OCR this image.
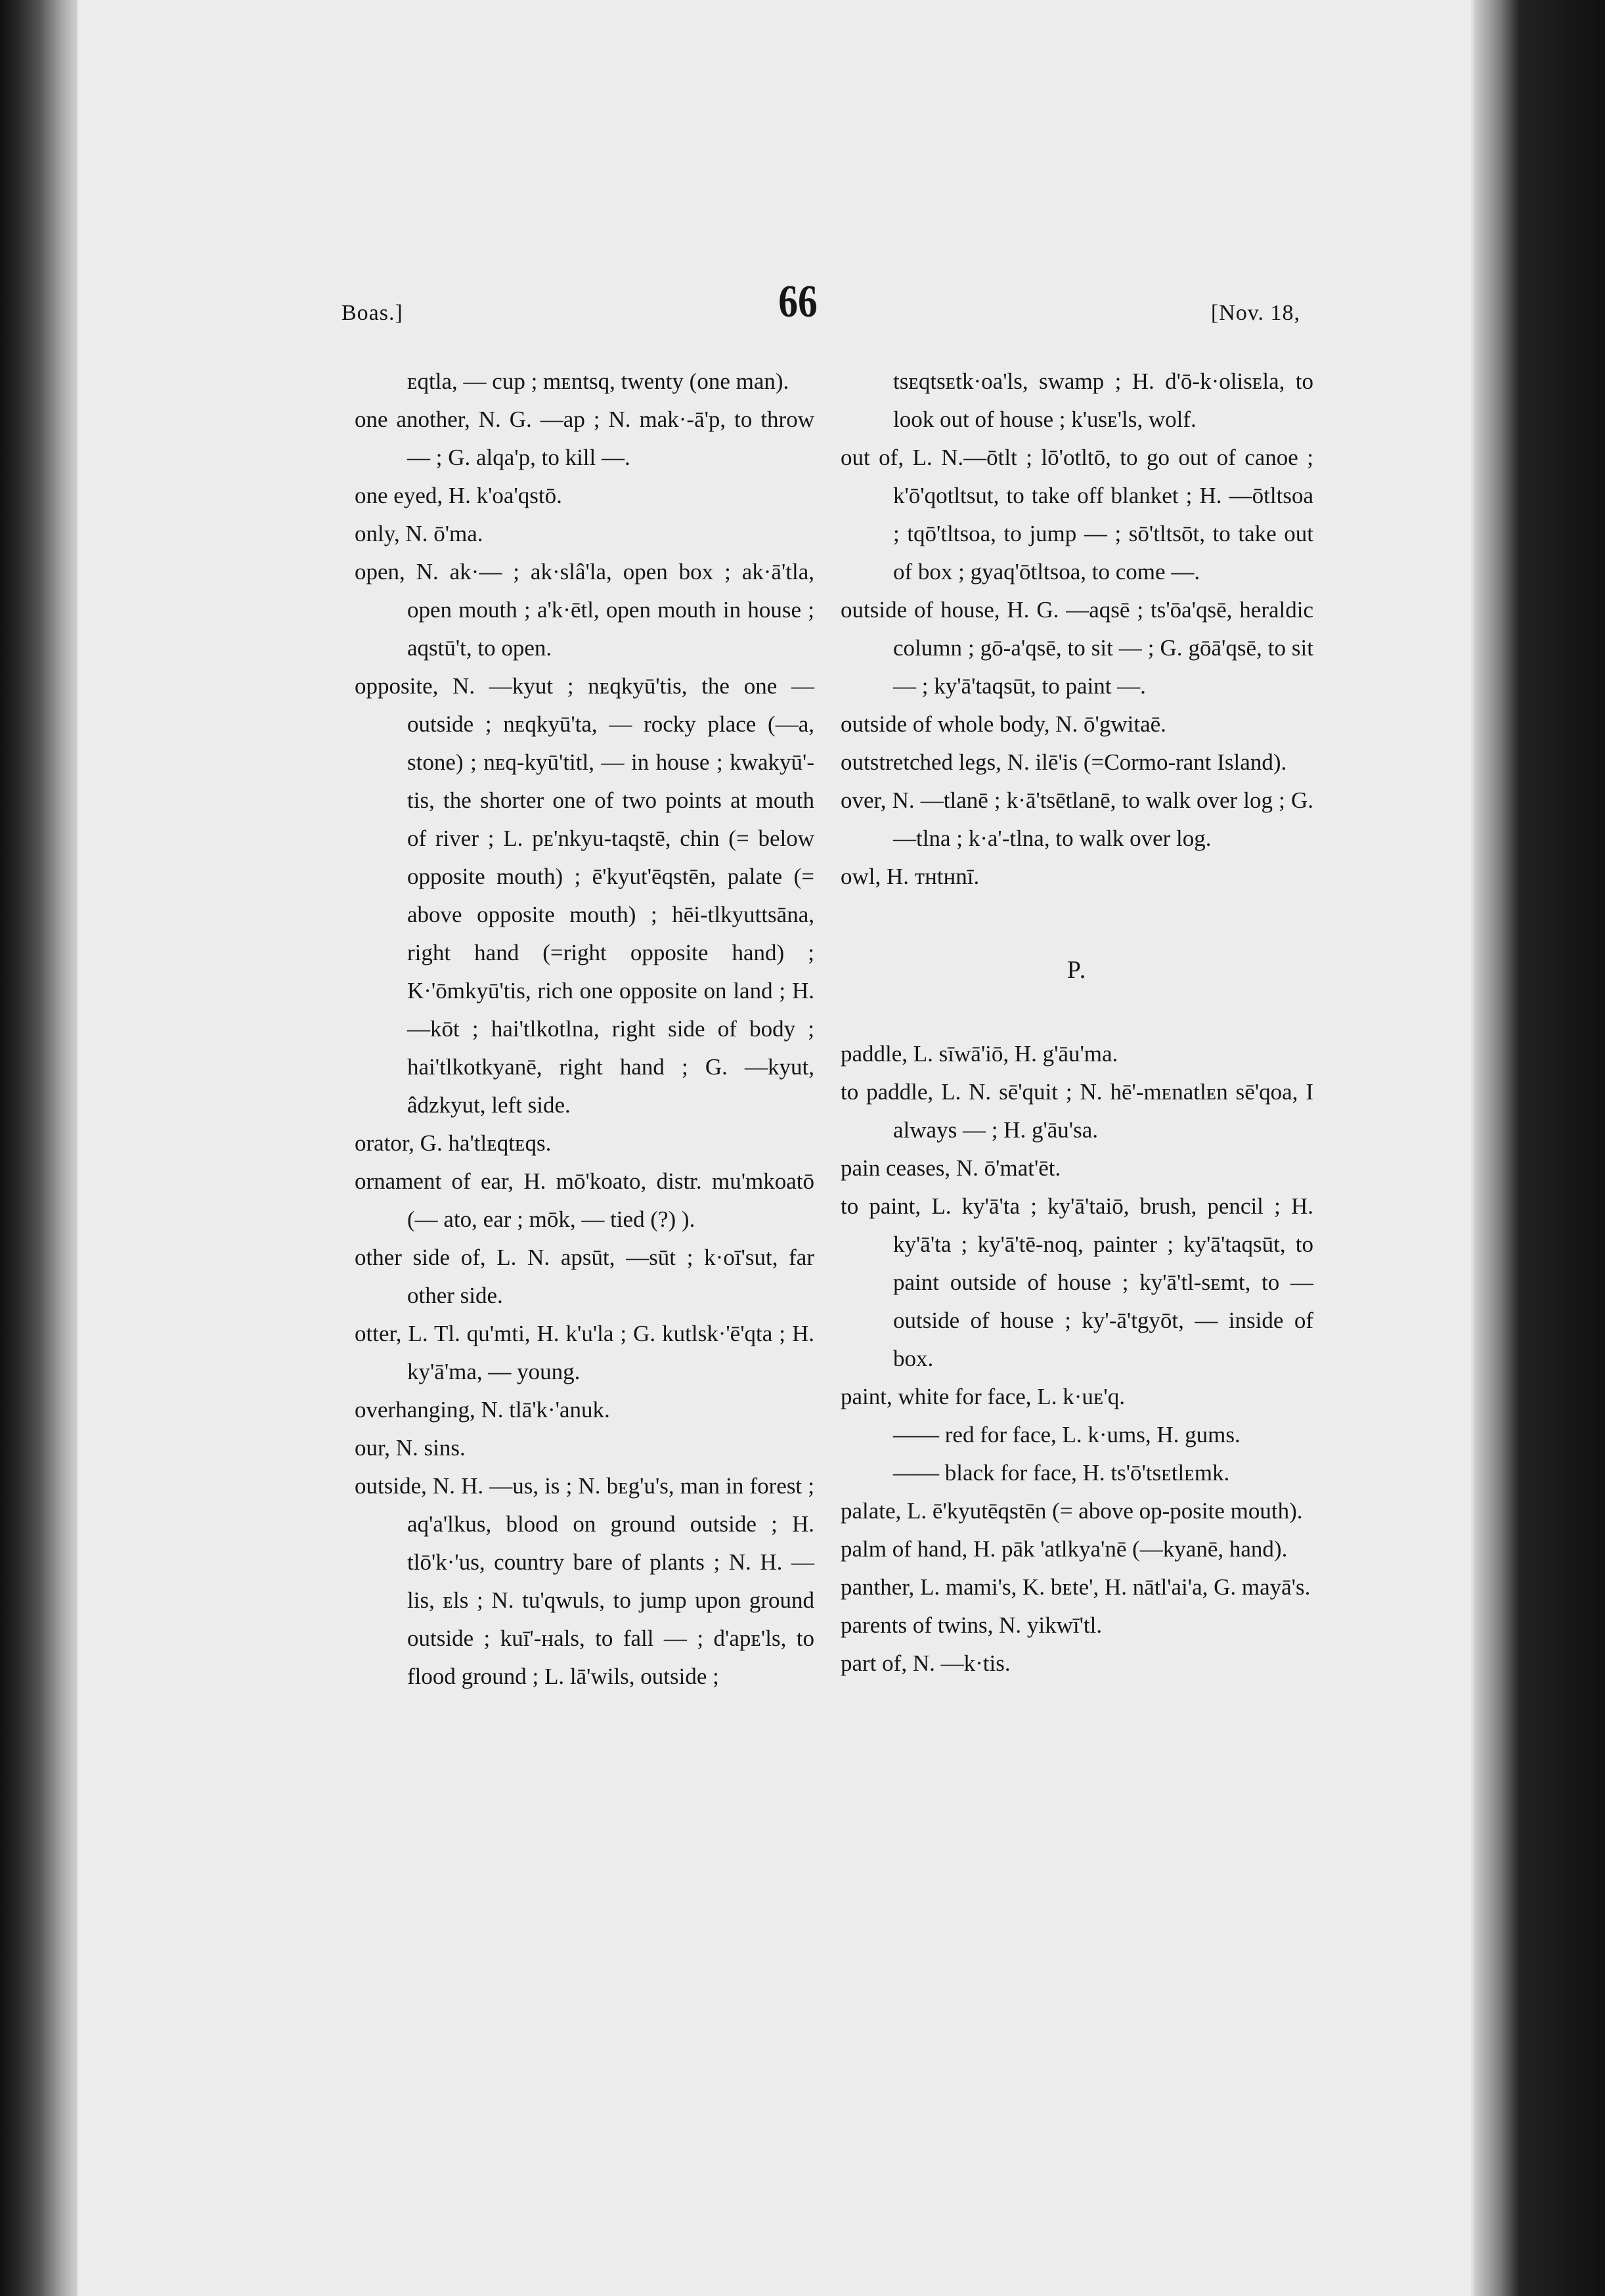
Boas.]	66	[Nov. 18,

ᴇqtla, — cup ; mᴇntsq, twenty (one man).

one another, N. G. —ap ; N. mak·-ā'p, to throw — ; G. alqa'p, to kill —.

one eyed, H. k'oa'qstō.

only, N. ō'ma.

open, N. ak·— ; ak·slâ'la, open box ; ak·ā'tla, open mouth ; a'k·ētl, open mouth in house ; aqstū't, to open.

opposite, N. —kyut ; nᴇqkyū'tis, the one — outside ; nᴇqkyū'ta, — rocky place (—a, stone) ; nᴇq-kyū'titl, — in house ; kwakyū'-tis, the shorter one of two points at mouth of river ; L. pᴇ'nkyu-taqstē, chin (= below opposite mouth) ; ē'kyut'ēqstēn, palate (= above opposite mouth) ; hēi-tlkyuttsāna, right hand (=right opposite hand) ; K·'ōmkyū'tis, rich one opposite on land ; H. —kōt ; hai'tlkotlna, right side of body ; hai'tlkotkyanē, right hand ; G. —kyut, âdzkyut, left side.

orator, G. ha'tlᴇqtᴇqs.

ornament of ear, H. mō'koato, distr. mu'mkoatō (— ato, ear ; mōk, — tied (?) ).

other side of, L. N. apsūt, —sūt ; k·oī'sut, far other side.

otter, L. Tl. qu'mti, H. k'u'la ; G. kutlsk·'ē'qta ; H. ky'ā'ma, — young.

overhanging, N. tlā'k·'anuk.

our, N. sins.

outside, N. H. —us, is ; N. bᴇg'u's, man in forest ; aq'a'lkus, blood on ground outside ; H. tlō'k·'us, country bare of plants ; N. H. — lis, ᴇls ; N. tu'qwuls, to jump upon ground outside ; kuī'-ʜals, to fall — ; d'apᴇ'ls, to flood ground ; L. lā'wils, outside ;

tsᴇqtsᴇtk·oa'ls, swamp ; H. d'ō-k·olisᴇla, to look out of house ; k'usᴇ'ls, wolf.

out of, L. N.—ōtlt ; lō'otltō, to go out of canoe ; k'ō'qotltsut, to take off blanket ; H. —ōtltsoa ; tqō'tltsoa, to jump — ; sō'tltsōt, to take out of box ; gyaq'ōtltsoa, to come —.

outside of house, H. G. —aqsē ; ts'ōa'qsē, heraldic column ; gō-a'qsē, to sit — ; G. gōā'qsē, to sit — ; ky'ā'taqsūt, to paint —.

outside of whole body, N. ō'gwitaē.

outstretched legs, N. ilē'is (=Cormo-rant Island).

over, N. —tlanē ; k·ā'tsētlanē, to walk over log ; G. —tlna ; k·a'-tlna, to walk over log.

owl, H. ᴛʜtʜnī.

P.

paddle, L. sīwā'iō, H. g'āu'ma.

to paddle, L. N. sē'quit ; N. hē'-mᴇnatlᴇn sē'qoa, I always — ; H. g'āu'sa.

pain ceases, N. ō'mat'ēt.

to paint, L. ky'ā'ta ; ky'ā'taiō, brush, pencil ; H. ky'ā'ta ; ky'ā'tē-noq, painter ; ky'ā'taqsūt, to paint outside of house ; ky'ā'tl-sᴇmt, to — outside of house ; ky'-ā'tgyōt, — inside of box.

paint, white for face, L. k·uᴇ'q.

—— red for face, L. k·ums, H. gums.

—— black for face, H. ts'ō'tsᴇtlᴇmk.

palate, L. ē'kyutēqstēn (= above op-posite mouth).

palm of hand, H. pāk 'atlkya'nē (—kyanē, hand).

panther, L. mami's, K. bᴇte', H. nātl'ai'a, G. mayā's.

parents of twins, N. yikwī'tl.

part of, N. —k·tis.
